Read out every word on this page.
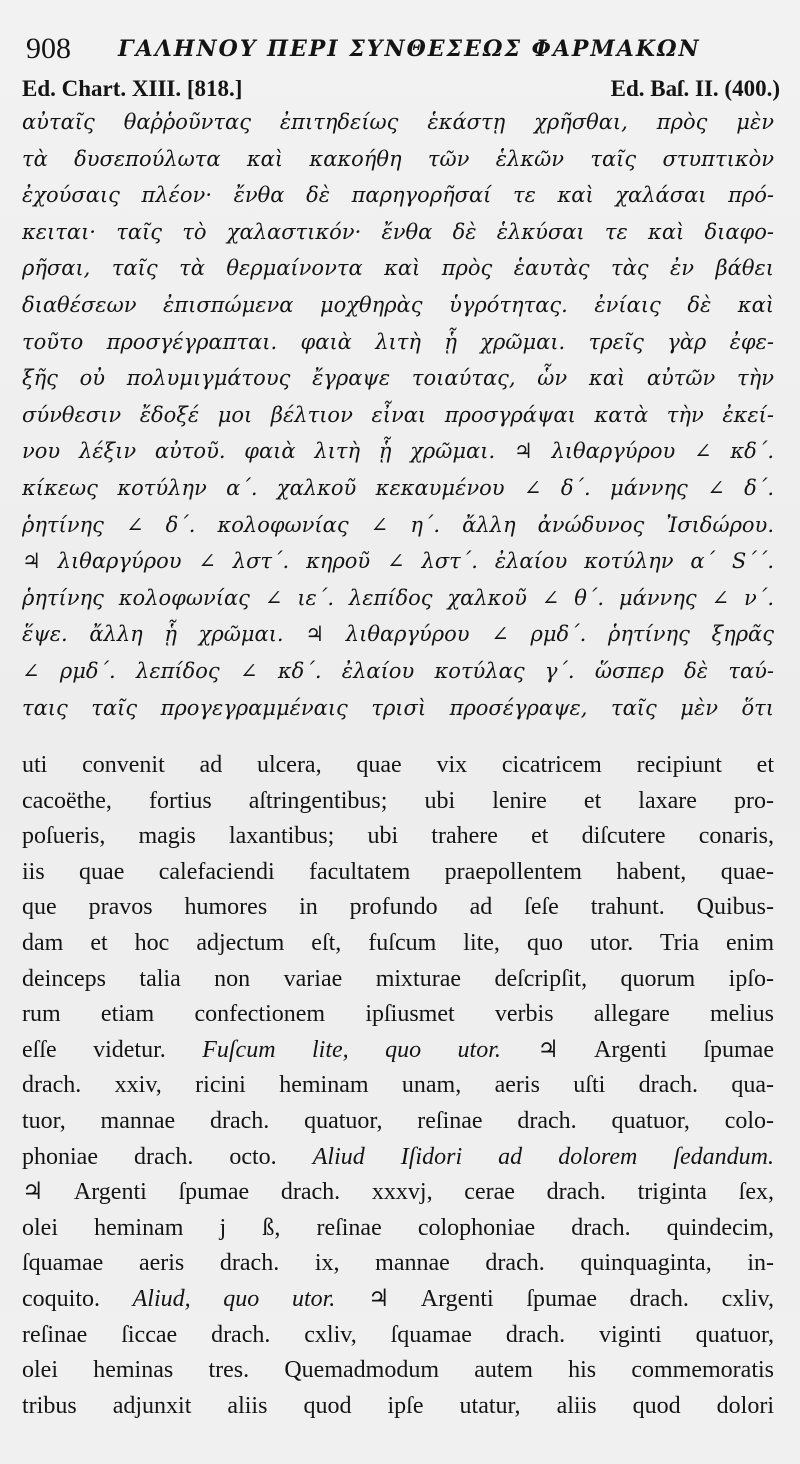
908 ΓΑΛΗΝΟΥ ΠΕΡΙ ΣΥΝΘΕΣΕΩΣ ΦΑΡΜΑΚΩΝ
Ed. Chart. XIII. [818.]	Ed. Baſ. II. (400.)
αὐταῖς θαῤῥοῦντας ἐπιτηδείως ἑκάστῃ χρῆσθαι, πρὸς μὲν
τὰ δυσεπούλωτα καὶ κακοήθη τῶν ἑλκῶν ταῖς στυπτικὸν
ἐχούσαις πλέον· ἔνθα δὲ παρηγορῆσαί τε καὶ χαλάσαι πρό-
κειται· ταῖς τὸ χαλαστικόν· ἔνθα δὲ ἑλκύσαι τε καὶ διαφο-
ρῆσαι, ταῖς τὰ θερμαίνοντα καὶ πρὸς ἑαυτὰς τὰς ἐν βάθει
διαθέσεων ἐπισπώμενα μοχθηρὰς ὑγρότητας. ἐνίαις δὲ καὶ
τοῦτο προσγέγραπται. φαιὰ λιτὴ ᾗ χρῶμαι. τρεῖς γὰρ ἐφε-
ξῆς οὐ πολυμιγμάτους ἔγραψε τοιαύτας, ὧν καὶ αὐτῶν τὴν
σύνθεσιν ἔδοξέ μοι βέλτιον εἶναι προσγράψαι κατὰ τὴν ἐκεί-
νου λέξιν αὐτοῦ. φαιὰ λιτὴ ᾗ χρῶμαι. ♃ λιθαργύρου ∠ κδ΄.
κίκεως κοτύλην α΄. χαλκοῦ κεκαυμένου ∠ δ΄. μάννης ∠ δ΄.
ῥητίνης ∠ δ΄. κολοφωνίας ∠ η΄. ἄλλη ἀνώδυνος Ἰσιδώρου.
♃ λιθαργύρου ∠ λστ΄. κηροῦ ∠ λστ΄. ἐλαίου κοτύλην α΄ S΄΄.
ῥητίνης κολοφωνίας ∠ ιε΄. λεπίδος χαλκοῦ ∠ θ΄. μάννης ∠ ν΄.
ἕψε. ἄλλη ᾗ χρῶμαι. ♃ λιθαργύρου ∠ ρμδ΄. ῥητίνης ξηρᾶς
∠ ρμδ΄. λεπίδος ∠ κδ΄. ἐλαίου κοτύλας γ΄. ὥσπερ δὲ ταύ-
ταις ταῖς προγεγραμμέναις τρισὶ προσέγραψε, ταῖς μὲν ὅτι
uti convenit ad ulcera, quae vix cicatricem recipiunt et
cacoëthe, fortius aſtringentibus; ubi lenire et laxare pro-
poſueris, magis laxantibus; ubi trahere et diſcutere conaris,
iis quae calefaciendi facultatem praepollentem habent, quae-
que pravos humores in profundo ad ſeſe trahunt. Quibus-
dam et hoc adjectum eſt, fuſcum lite, quo utor. Tria enim
deinceps talia non variae mixturae deſcripſit, quorum ipſo-
rum etiam confectionem ipſiusmet verbis allegare melius
eſſe videtur. Fuſcum lite, quo utor. ♃ Argenti ſpumae
drach. xxiv, ricini heminam unam, aeris uſti drach. qua-
tuor, mannae drach. quatuor, reſinae drach. quatuor, colo-
phoniae drach. octo. Aliud Iſidori ad dolorem ſedandum.
♃ Argenti ſpumae drach. xxxvj, cerae drach. triginta ſex,
olei heminam j ß, reſinae colophoniae drach. quindecim,
ſquamae aeris drach. ix, mannae drach. quinquaginta, in-
coquito. Aliud, quo utor. ♃ Argenti ſpumae drach. cxliv,
reſinae ſiccae drach. cxliv, ſquamae drach. viginti quatuor,
olei heminas tres. Quemadmodum autem his commemoratis
tribus adjunxit aliis quod ipſe utatur, aliis quod dolori
